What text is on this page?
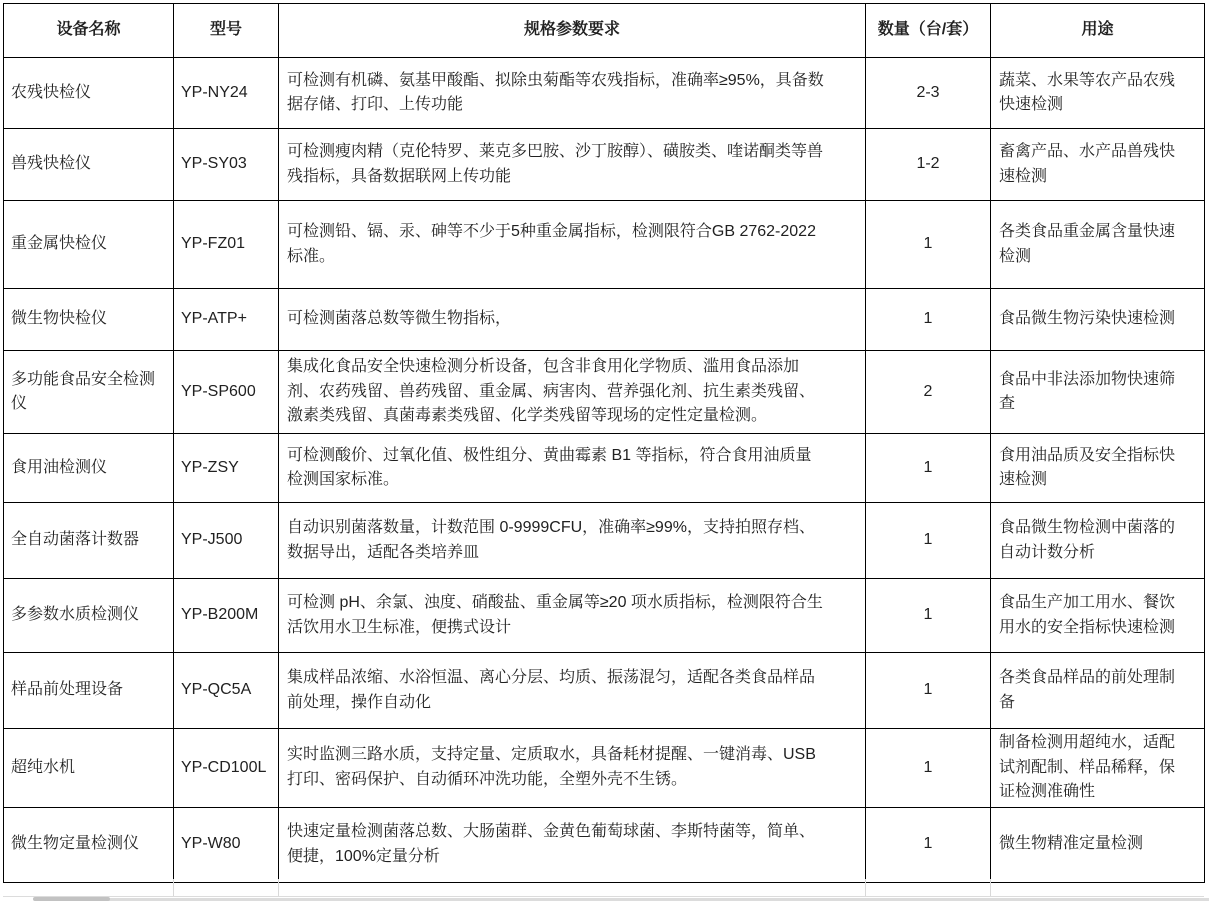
设备名称	型号	规格参数要求	数量（台/套）	用途
农残快检仪	YP-NY24	可检测有机磷、氨基甲酸酯、拟除虫菊酯等农残指标，准确率≥95%，具备数据存储、打印、上传功能	2-3	蔬菜、水果等农产品农残快速检测
兽残快检仪	YP-SY03	可检测瘦肉精（克伦特罗、莱克多巴胺、沙丁胺醇）、磺胺类、喹诺酮类等兽残指标，具备数据联网上传功能	1-2	畜禽产品、水产品兽残快速检测
重金属快检仪	YP-FZ01	可检测铅、镉、汞、砷等不少于5种重金属指标，检测限符合GB 2762-2022标准。	1	各类食品重金属含量快速检测
微生物快检仪	YP-ATP+	可检测菌落总数等微生物指标，	1	食品微生物污染快速检测
多功能食品安全检测仪	YP-SP600	集成化食品安全快速检测分析设备，包含非食用化学物质、滥用食品添加剂、农药残留、兽药残留、重金属、病害肉、营养强化剂、抗生素类残留、激素类残留、真菌毒素类残留、化学类残留等现场的定性定量检测。	2	食品中非法添加物快速筛查
食用油检测仪	YP-ZSY	可检测酸价、过氧化值、极性组分、黄曲霉素 B1 等指标，符合食用油质量检测国家标准。	1	食用油品质及安全指标快速检测
全自动菌落计数器	YP-J500	自动识别菌落数量，计数范围 0-9999CFU，准确率≥99%，支持拍照存档、数据导出，适配各类培养皿	1	食品微生物检测中菌落的自动计数分析
多参数水质检测仪	YP-B200M	可检测 pH、余氯、浊度、硝酸盐、重金属等≥20 项水质指标，检测限符合生活饮用水卫生标准，便携式设计	1	食品生产加工用水、餐饮用水的安全指标快速检测
样品前处理设备	YP-QC5A	集成样品浓缩、水浴恒温、离心分层、均质、振荡混匀，适配各类食品样品前处理，操作自动化	1	各类食品样品的前处理制备
超纯水机	YP-CD100L	实时监测三路水质，支持定量、定质取水，具备耗材提醒、一键消毒、USB 打印、密码保护、自动循环冲洗功能，全塑外壳不生锈。	1	制备检测用超纯水，适配试剂配制、样品稀释，保证检测准确性
微生物定量检测仪	YP-W80	快速定量检测菌落总数、大肠菌群、金黄色葡萄球菌、李斯特菌等，简单、便捷，100%定量分析	1	微生物精准定量检测
